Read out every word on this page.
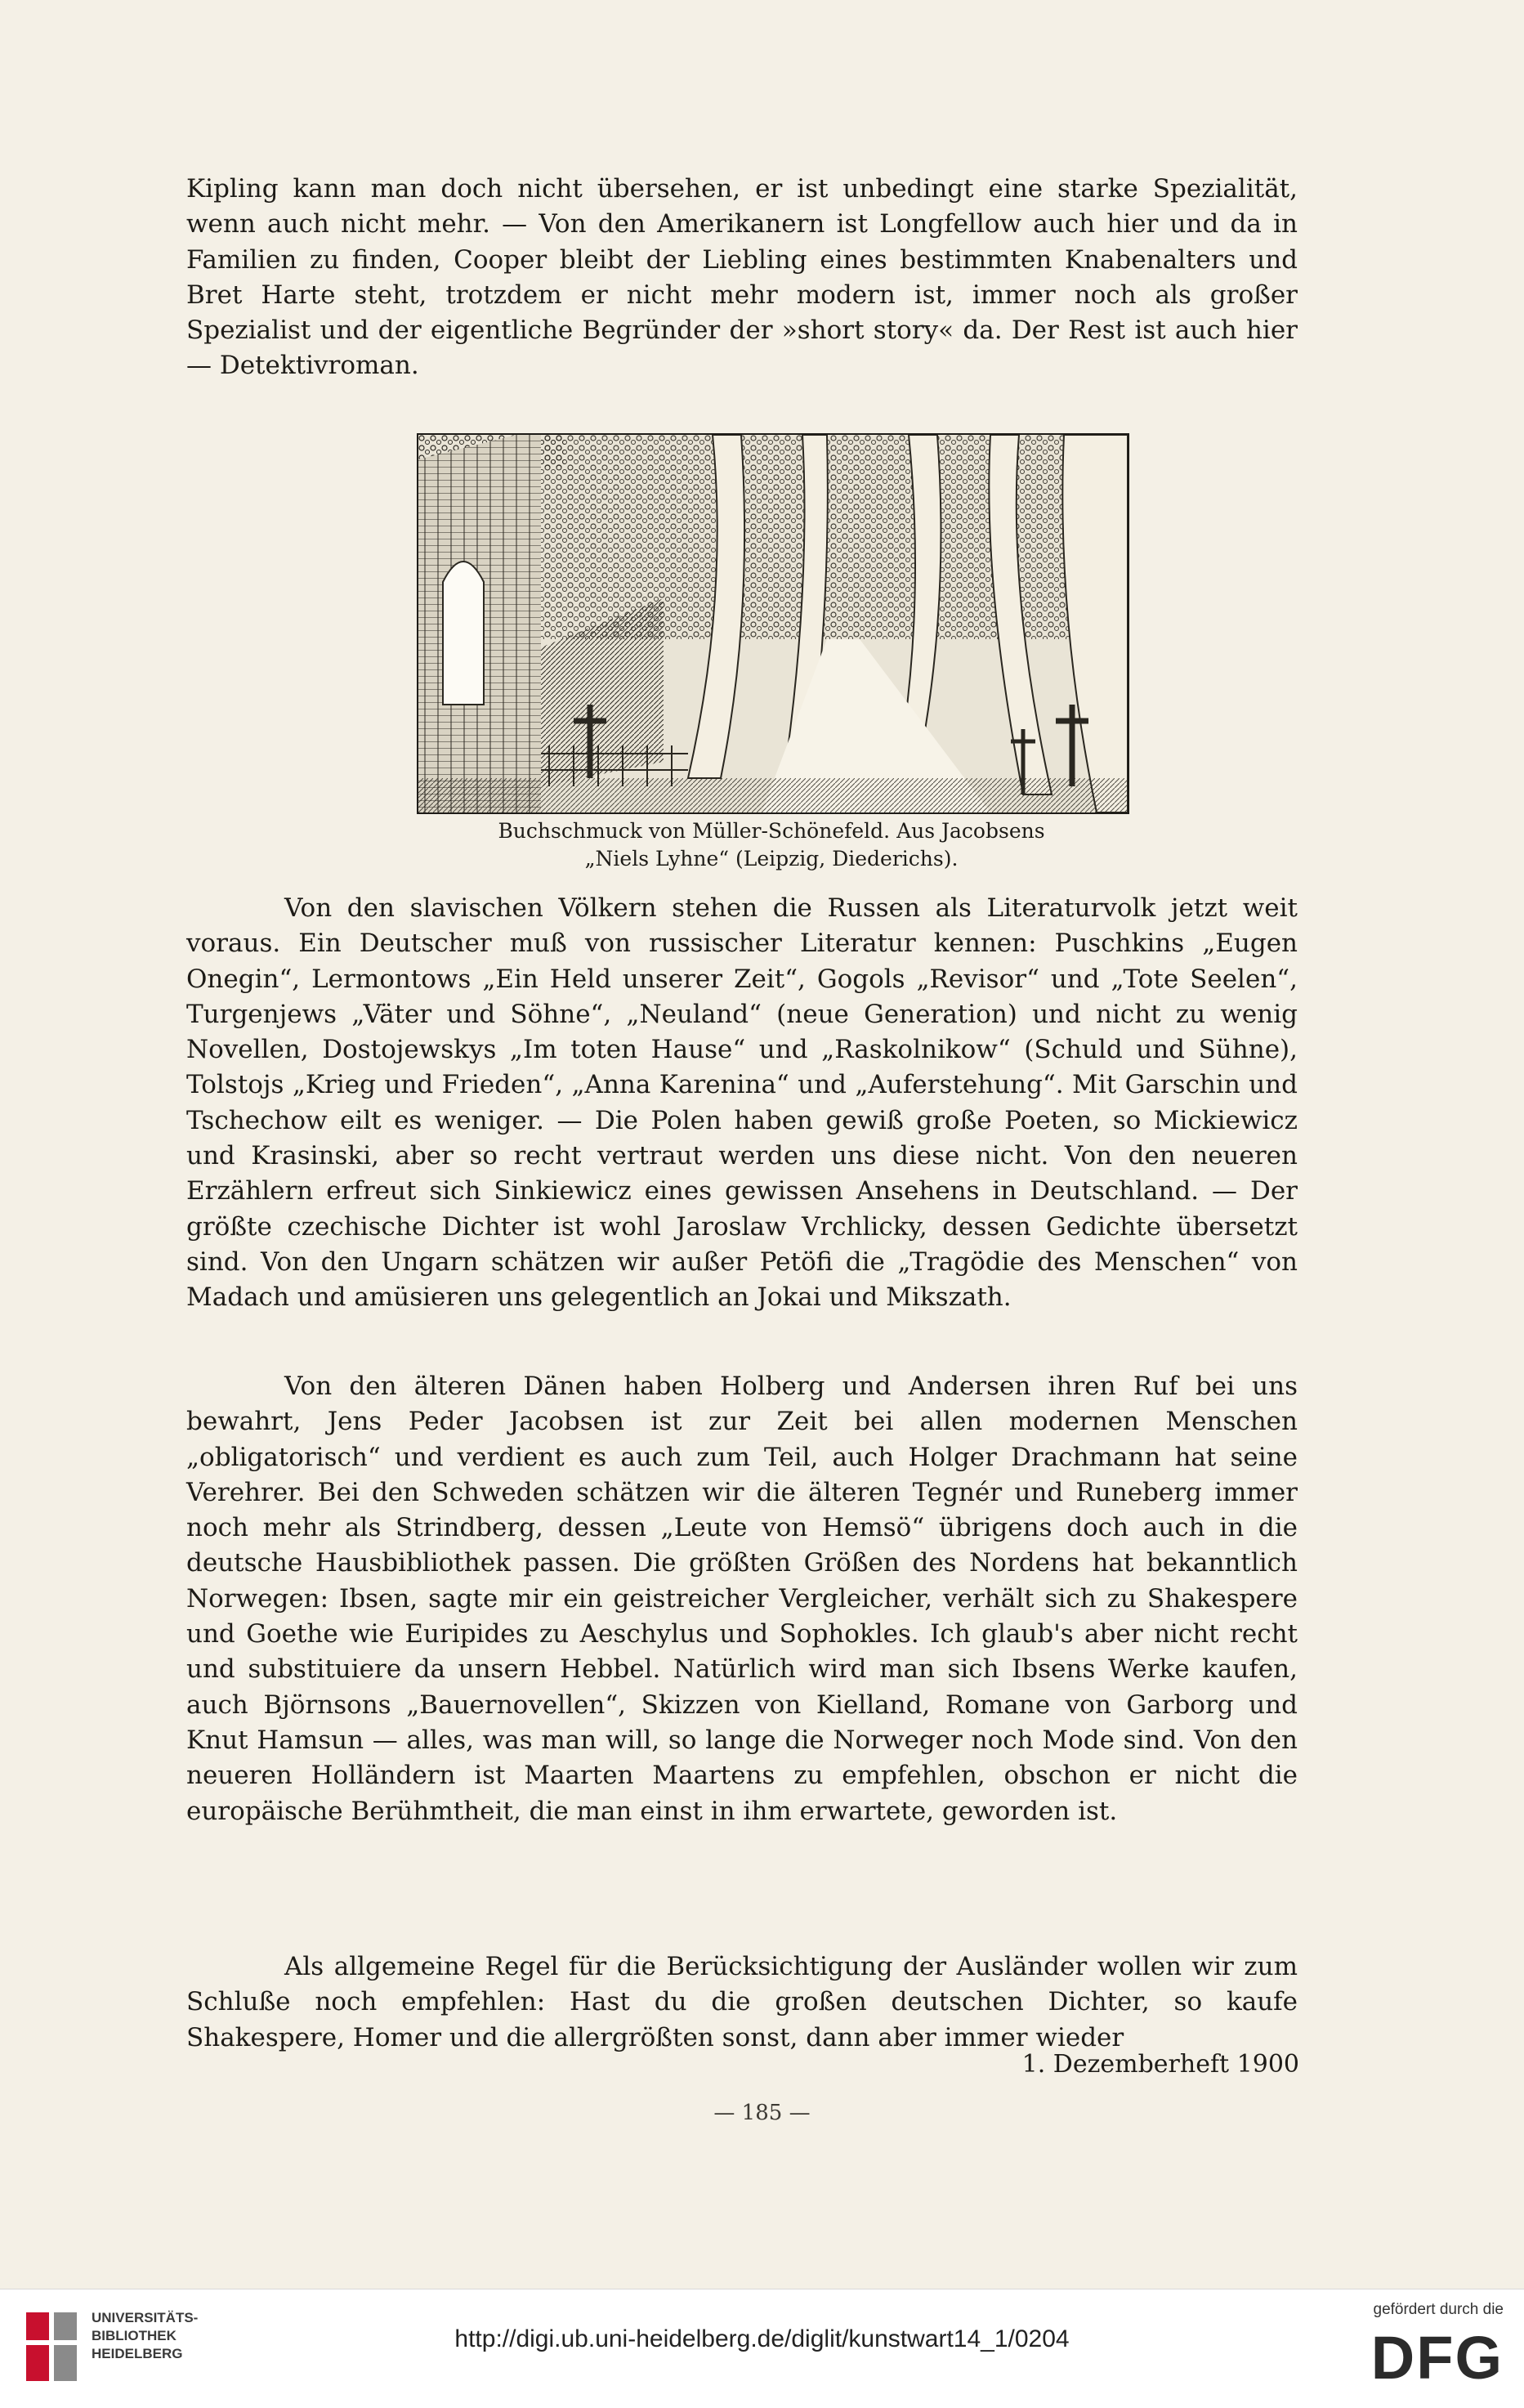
Kipling kann man doch nicht übersehen, er ist unbedingt eine starke Spezialität, wenn auch nicht mehr. — Von den Amerikanern ist Longfellow auch hier und da in Familien zu finden, Cooper bleibt der Liebling eines bestimmten Knabenalters und Bret Harte steht, trotzdem er nicht mehr modern ist, immer noch als großer Spezialist und der eigentliche Begründer der »short story« da. Der Rest ist auch hier — Detektivroman.

Buchschmuck von Müller-Schönefeld. Aus Jacobsens
„Niels Lyhne“ (Leipzig, Diederichs).

Von den slavischen Völkern stehen die Russen als Literaturvolk jetzt weit voraus. Ein Deutscher muß von russischer Literatur kennen: Puschkins „Eugen Onegin“, Lermontows „Ein Held unserer Zeit“, Gogols „Revisor“ und „Tote Seelen“, Turgenjews „Väter und Söhne“, „Neuland“ (neue Generation) und nicht zu wenig Novellen, Dostojewskys „Im toten Hause“ und „Raskolnikow“ (Schuld und Sühne), Tolstojs „Krieg und Frieden“, „Anna Karenina“ und „Auferstehung“. Mit Garschin und Tschechow eilt es weniger. — Die Polen haben gewiß große Poeten, so Mickiewicz und Krasinski, aber so recht vertraut werden uns diese nicht. Von den neueren Erzählern erfreut sich Sinkiewicz eines gewissen Ansehens in Deutschland. — Der größte czechische Dichter ist wohl Jaroslaw Vrchlicky, dessen Gedichte übersetzt sind. Von den Ungarn schätzen wir außer Petöfi die „Tragödie des Menschen“ von Madach und amüsieren uns gelegentlich an Jokai und Mikszath.

Von den älteren Dänen haben Holberg und Andersen ihren Ruf bei uns bewahrt, Jens Peder Jacobsen ist zur Zeit bei allen modernen Menschen „obligatorisch“ und verdient es auch zum Teil, auch Holger Drachmann hat seine Verehrer. Bei den Schweden schätzen wir die älteren Tegnér und Runeberg immer noch mehr als Strindberg, dessen „Leute von Hemsö“ übrigens doch auch in die deutsche Hausbibliothek passen. Die größten Größen des Nordens hat bekanntlich Norwegen: Ibsen, sagte mir ein geistreicher Vergleicher, verhält sich zu Shakespere und Goethe wie Euripides zu Aeschylus und Sophokles. Ich glaub's aber nicht recht und substituiere da unsern Hebbel. Natürlich wird man sich Ibsens Werke kaufen, auch Björnsons „Bauernovellen“, Skizzen von Kielland, Romane von Garborg und Knut Hamsun — alles, was man will, so lange die Norweger noch Mode sind. Von den neueren Holländern ist Maarten Maartens zu empfehlen, obschon er nicht die europäische Berühmtheit, die man einst in ihm erwartete, geworden ist.

Als allgemeine Regel für die Berücksichtigung der Ausländer wollen wir zum Schluße noch empfehlen: Hast du die großen deutschen Dichter, so kaufe Shakespere, Homer und die allergrößten sonst, dann aber immer wieder

1. Dezemberheft 1900
— 185 —
UNIVERSITÄTS-
BIBLIOTHEK
HEIDELBERG
http://digi.ub.uni-heidelberg.de/diglit/kunstwart14_1/0204
gefördert durch die
DFG
